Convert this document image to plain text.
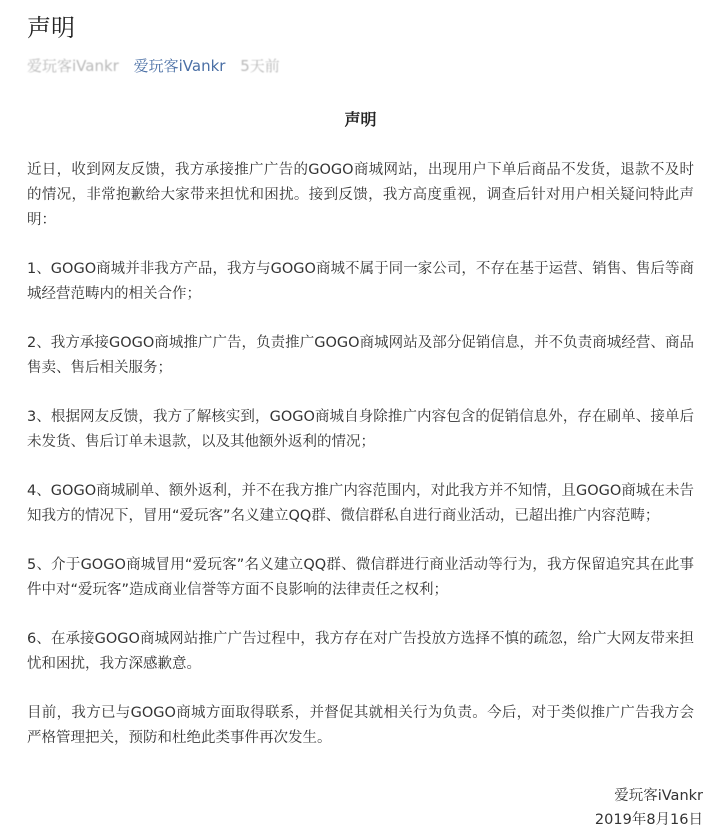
声明
爱玩客iVankr 爱玩客iVankr 5天前
声明

近日，收到网友反馈，我方承接推广广告的GOGO商城网站，出现用户下单后商品不发货，退款不及时的情况，非常抱歉给大家带来担忧和困扰。接到反馈，我方高度重视，调查后针对用户相关疑问特此声明：

1、GOGO商城并非我方产品，我方与GOGO商城不属于同一家公司，不存在基于运营、销售、售后等商城经营范畴内的相关合作；

2、我方承接GOGO商城推广广告，负责推广GOGO商城网站及部分促销信息，并不负责商城经营、商品售卖、售后相关服务；

3、根据网友反馈，我方了解核实到，GOGO商城自身除推广内容包含的促销信息外，存在刷单、接单后未发货、售后订单未退款，以及其他额外返利的情况；

4、GOGO商城刷单、额外返利，并不在我方推广内容范围内，对此我方并不知情，且GOGO商城在未告知我方的情况下，冒用“爱玩客”名义建立QQ群、微信群私自进行商业活动，已超出推广内容范畴；

5、介于GOGO商城冒用“爱玩客”名义建立QQ群、微信群进行商业活动等行为，我方保留追究其在此事件中对“爱玩客”造成商业信誉等方面不良影响的法律责任之权利；

6、在承接GOGO商城网站推广广告过程中，我方存在对广告投放方选择不慎的疏忽，给广大网友带来担忧和困扰，我方深感歉意。

目前，我方已与GOGO商城方面取得联系，并督促其就相关行为负责。今后，对于类似推广广告我方会严格管理把关，预防和杜绝此类事件再次发生。

爱玩客iVankr
2019年8月16日
